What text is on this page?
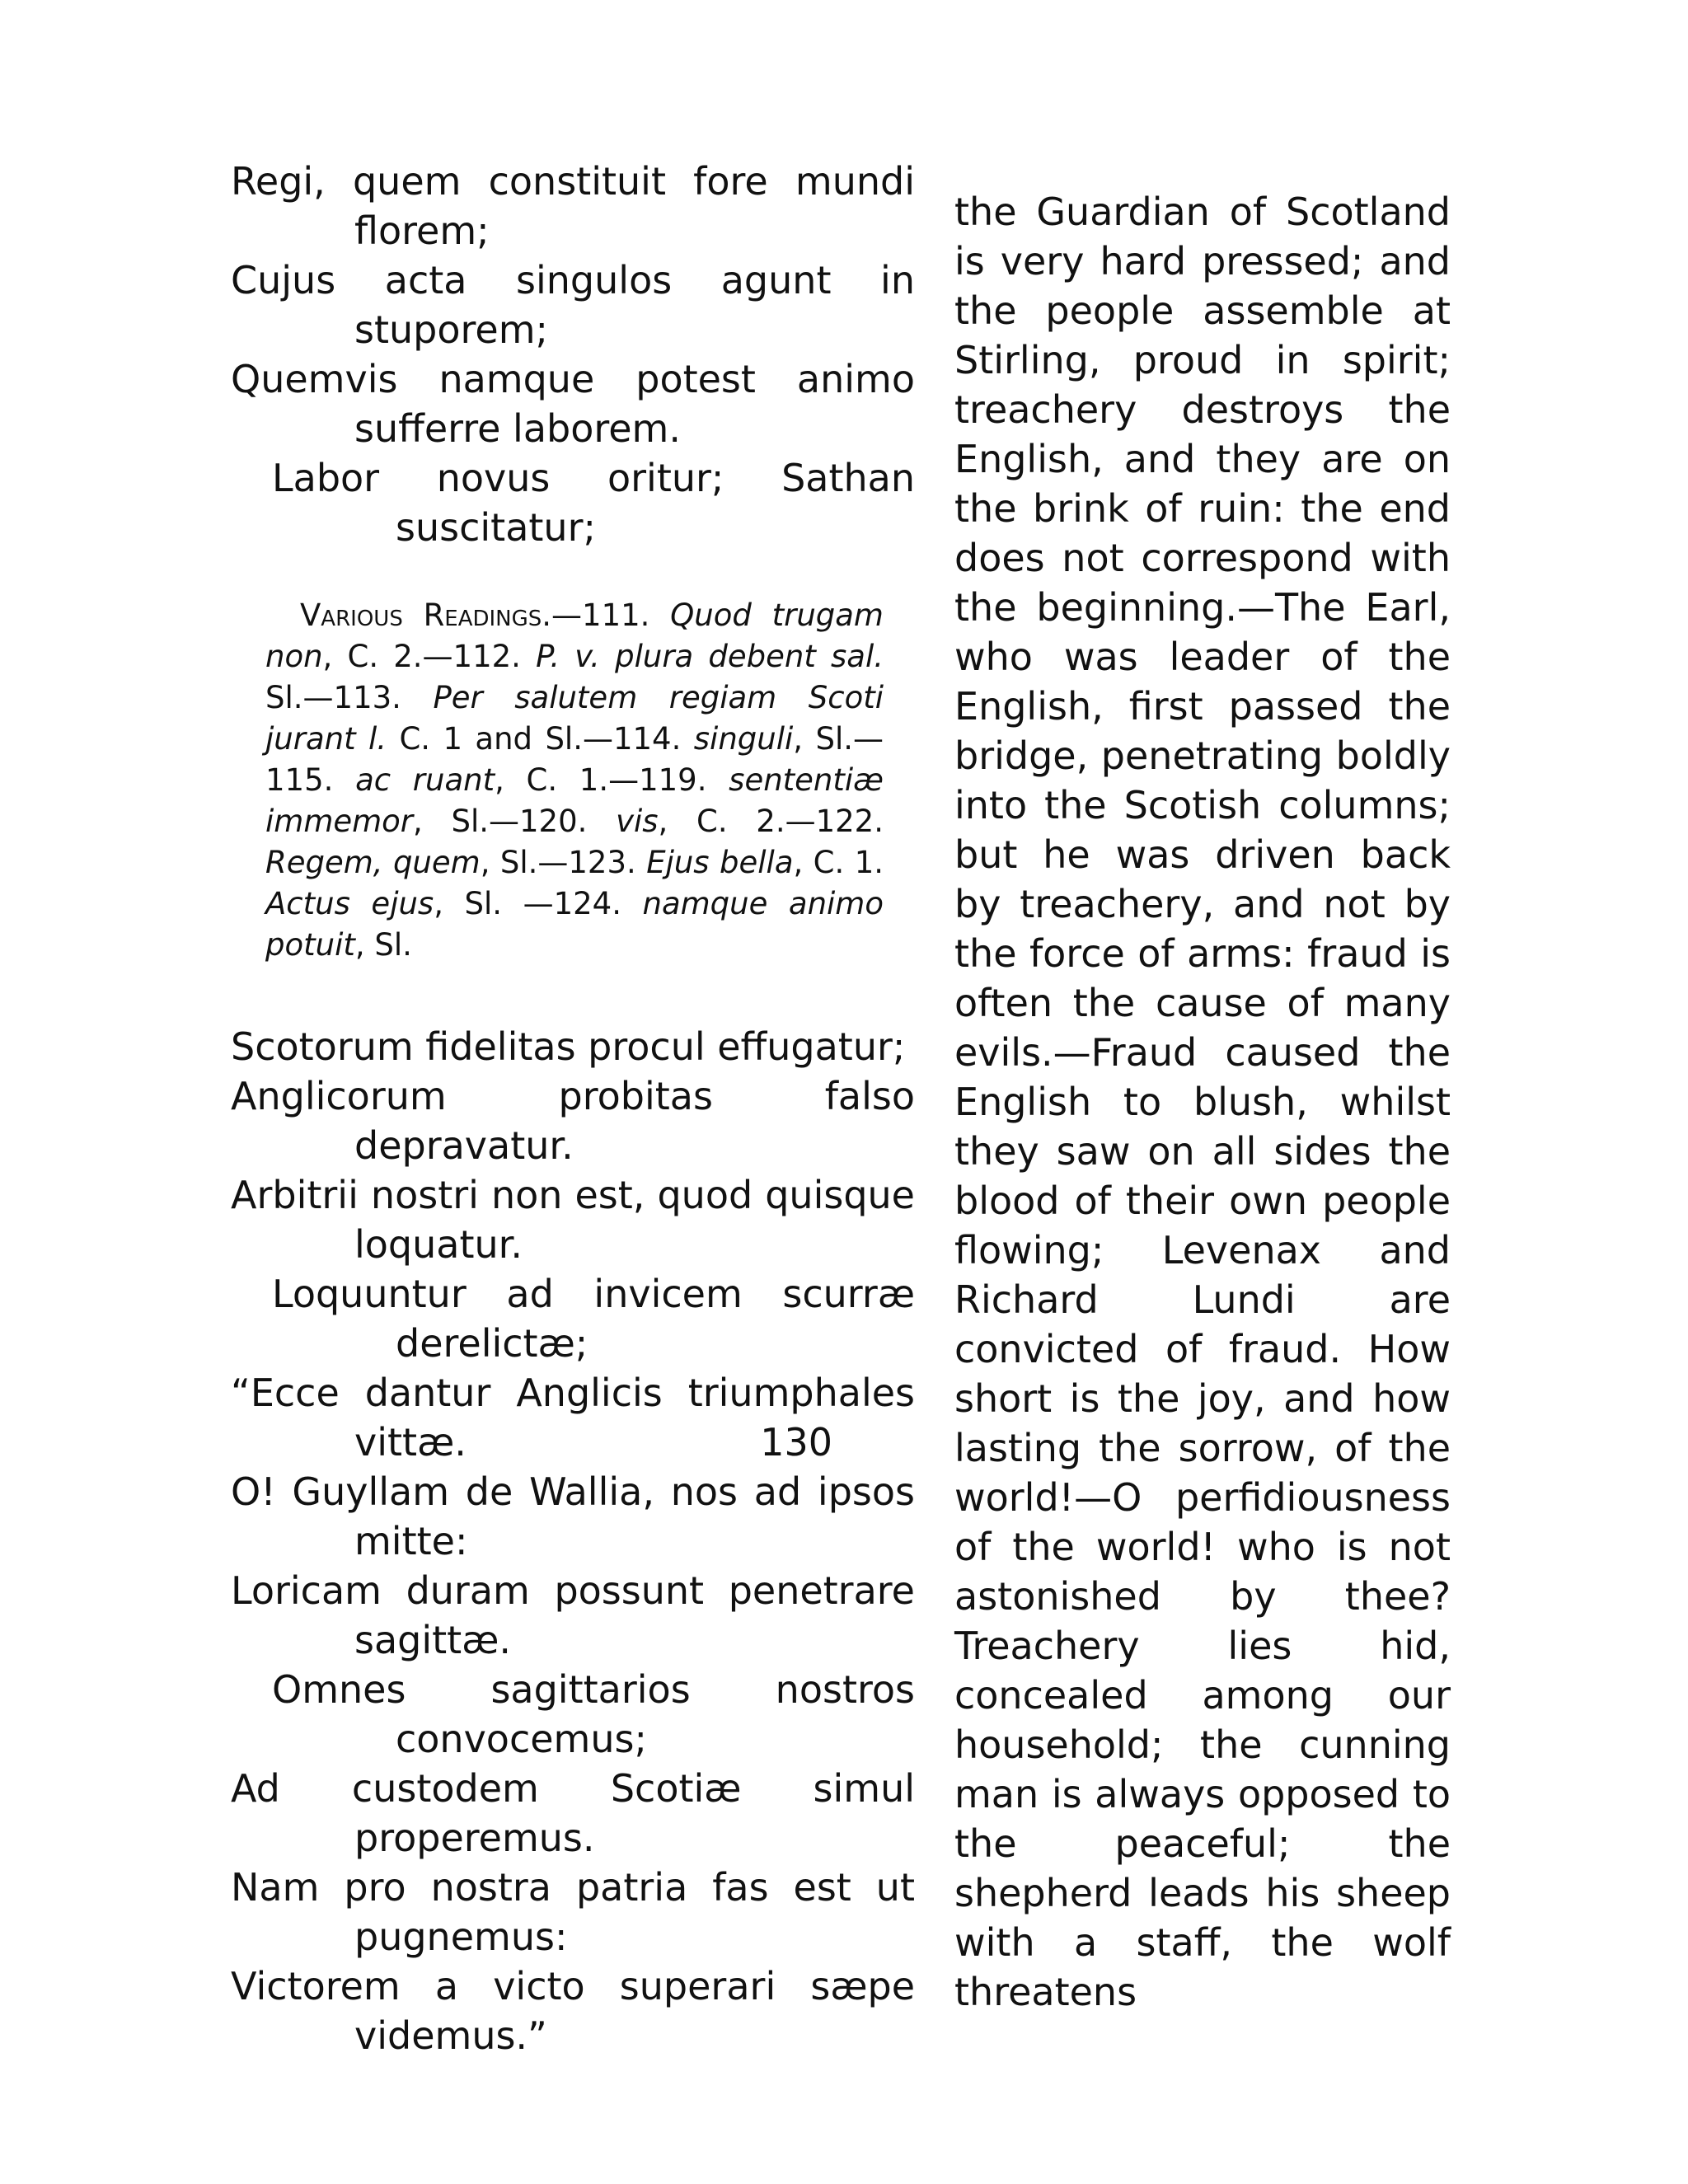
Regi, quem constituit fore mundi florem;
Cujus acta singulos agunt in stuporem;
Quemvis namque potest animo sufferre laborem.
Labor novus oritur; Sathan suscitatur;
Various Readings.—111. Quod trugam non, C. 2.—112. P. v. plura debent sal. Sl.—113. Per salutem regiam Scoti jurant l. C. 1 and Sl.—114. singuli, Sl.—115. ac ruant, C. 1.—119. sententiæ immemor, Sl.—120. vis, C. 2.—122. Regem, quem, Sl.—123. Ejus bella, C. 1. Actus ejus, Sl. —124. namque animo potuit, Sl.
Scotorum fidelitas procul effugatur;
Anglicorum probitas falso depravatur.
Arbitrii nostri non est, quod quisque loquatur.
Loquuntur ad invicem scurræ derelictæ;
“Ecce dantur Anglicis triumphales vittæ.	130
O! Guyllam de Wallia, nos ad ipsos mitte:
Loricam duram possunt penetrare sagittæ.
Omnes sagittarios nostros convocemus;
Ad custodem Scotiæ simul properemus.
Nam pro nostra patria fas est ut pugnemus:
Victorem a victo superari sæpe videmus.”

the Guardian of Scotland is very hard pressed; and the people assemble at Stirling, proud in spirit; treachery destroys the English, and they are on the brink of ruin: the end does not correspond with the beginning.—The Earl, who was leader of the English, first passed the bridge, penetrating boldly into the Scotish columns; but he was driven back by treachery, and not by the force of arms: fraud is often the cause of many evils.—Fraud caused the English to blush, whilst they saw on all sides the blood of their own people flowing; Levenax and Richard Lundi are convicted of fraud. How short is the joy, and how lasting the sorrow, of the world!—O perfidiousness of the world! who is not astonished by thee? Treachery lies hid, concealed among our household; the cunning man is always opposed to the peaceful; the shepherd leads his sheep with a staff, the wolf threatens
